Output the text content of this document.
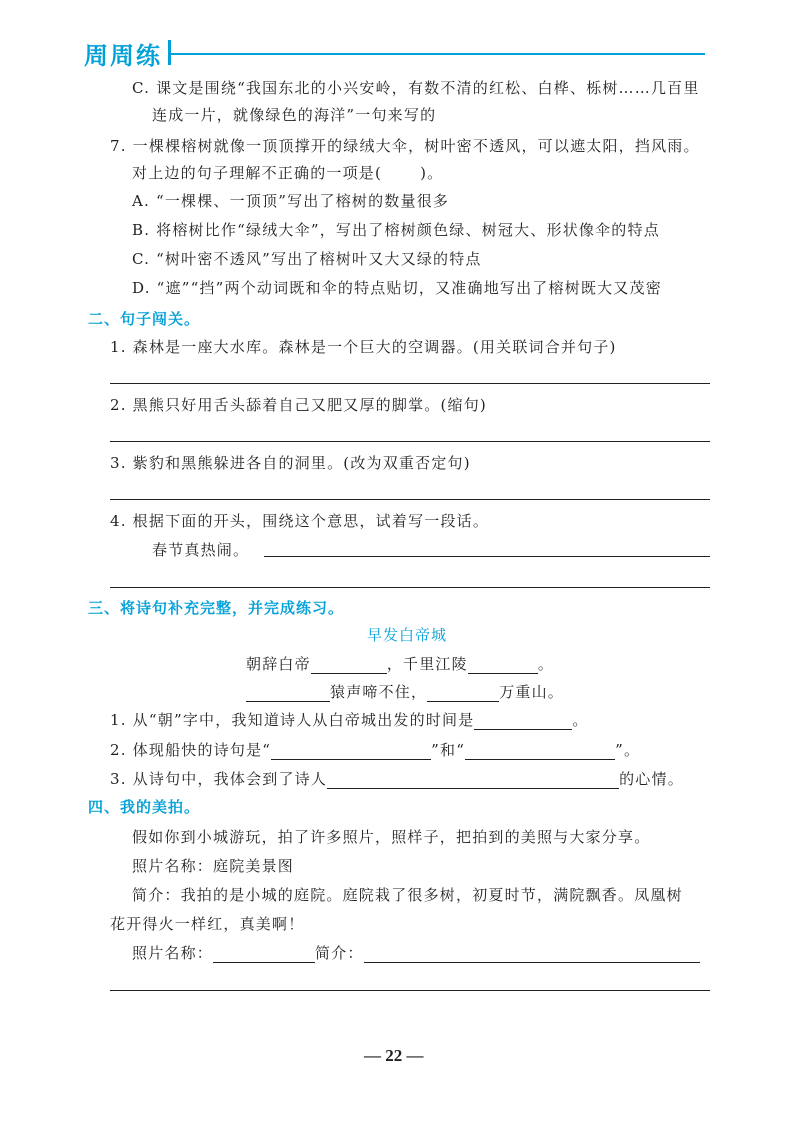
周周练
C. 课文是围绕“我国东北的小兴安岭，有数不清的红松、白桦、栎树……几百里
连成一片，就像绿色的海洋”一句来写的
7. 一棵棵榕树就像一顶顶撑开的绿绒大伞，树叶密不透风，可以遮太阳，挡风雨。
对上边的句子理解不正确的一项是(	)。
A. “一棵棵、一顶顶”写出了榕树的数量很多
B. 将榕树比作“绿绒大伞”，写出了榕树颜色绿、树冠大、形状像伞的特点
C. “树叶密不透风”写出了榕树叶又大又绿的特点
D. “遮”“挡”两个动词既和伞的特点贴切，又准确地写出了榕树既大又茂密
二、句子闯关。
1. 森林是一座大水库。森林是一个巨大的空调器。(用关联词合并句子)
2. 黑熊只好用舌头舔着自己又肥又厚的脚掌。(缩句)
3. 紫豹和黑熊躲进各自的洞里。(改为双重否定句)
4. 根据下面的开头，围绕这个意思，试着写一段话。
春节真热闹。
三、将诗句补充完整，并完成练习。
早发白帝城
朝辞白帝	，千里江陵	。
猿声啼不住，	万重山。
1. 从“朝”字中，我知道诗人从白帝城出发的时间是	。
2. 体现船快的诗句是“	”和“	”。
3. 从诗句中，我体会到了诗人	的心情。
四、我的美拍。
假如你到小城游玩，拍了许多照片，照样子，把拍到的美照与大家分享。
照片名称：庭院美景图
简介：我拍的是小城的庭院。庭院栽了很多树，初夏时节，满院飘香。凤凰树
花开得火一样红，真美啊！
照片名称：	简介：
— 22 —
